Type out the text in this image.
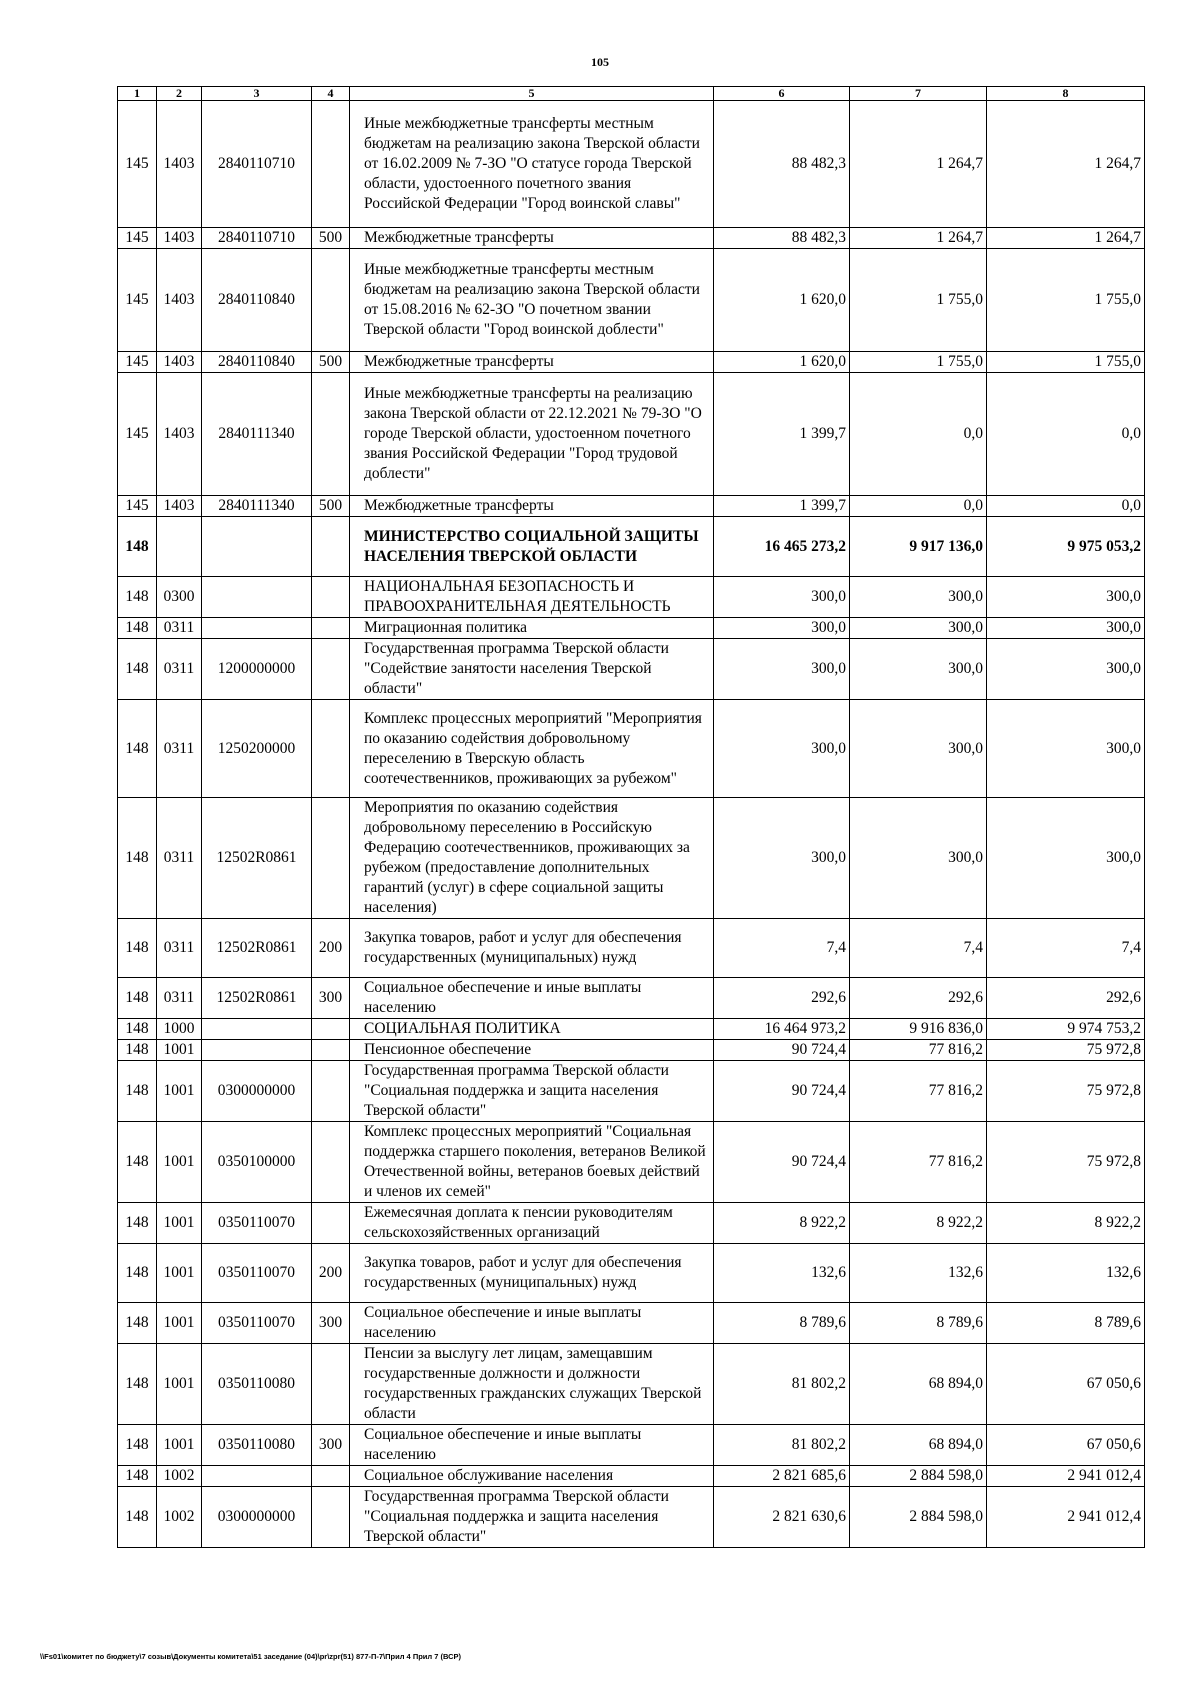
105
1	2	3	4	5	6	7	8
145	1403	2840110710		Иные межбюджетные трансферты местным бюджетам на реализацию закона Тверской области от 16.02.2009 № 7-ЗО "О статусе города Тверской области, удостоенного почетного звания Российской Федерации "Город воинской славы"	88 482,3	1 264,7	1 264,7
145	1403	2840110710	500	Межбюджетные трансферты	88 482,3	1 264,7	1 264,7
145	1403	2840110840		Иные межбюджетные трансферты местным бюджетам на реализацию закона Тверской области от 15.08.2016 № 62-ЗО "О почетном звании Тверской области "Город воинской доблести"	1 620,0	1 755,0	1 755,0
145	1403	2840110840	500	Межбюджетные трансферты	1 620,0	1 755,0	1 755,0
145	1403	2840111340		Иные межбюджетные трансферты на реализацию закона Тверской области от 22.12.2021 № 79-ЗО "О городе Тверской области, удостоенном почетного звания Российской Федерации "Город трудовой доблести"	1 399,7	0,0	0,0
145	1403	2840111340	500	Межбюджетные трансферты	1 399,7	0,0	0,0
148				МИНИСТЕРСТВО СОЦИАЛЬНОЙ ЗАЩИТЫ НАСЕЛЕНИЯ ТВЕРСКОЙ ОБЛАСТИ	16 465 273,2	9 917 136,0	9 975 053,2
148	0300			НАЦИОНАЛЬНАЯ БЕЗОПАСНОСТЬ И ПРАВООХРАНИТЕЛЬНАЯ ДЕЯТЕЛЬНОСТЬ	300,0	300,0	300,0
148	0311			Миграционная политика	300,0	300,0	300,0
148	0311	1200000000		Государственная программа Тверской области "Содействие занятости населения Тверской области"	300,0	300,0	300,0
148	0311	1250200000		Комплекс процессных мероприятий "Мероприятия по оказанию содействия добровольному переселению в Тверскую область соотечественников, проживающих за рубежом"	300,0	300,0	300,0
148	0311	12502R0861		Мероприятия по оказанию содействия добровольному переселению в Российскую Федерацию соотечественников, проживающих за рубежом (предоставление дополнительных гарантий (услуг) в сфере социальной защиты населения)	300,0	300,0	300,0
148	0311	12502R0861	200	Закупка товаров, работ и услуг для обеспечения государственных (муниципальных) нужд	7,4	7,4	7,4
148	0311	12502R0861	300	Социальное обеспечение и иные выплаты населению	292,6	292,6	292,6
148	1000			СОЦИАЛЬНАЯ ПОЛИТИКА	16 464 973,2	9 916 836,0	9 974 753,2
148	1001			Пенсионное обеспечение	90 724,4	77 816,2	75 972,8
148	1001	0300000000		Государственная программа Тверской области "Социальная поддержка и защита населения Тверской области"	90 724,4	77 816,2	75 972,8
148	1001	0350100000		Комплекс процессных мероприятий "Социальная поддержка старшего поколения, ветеранов Великой Отечественной войны, ветеранов боевых действий и членов их семей"	90 724,4	77 816,2	75 972,8
148	1001	0350110070		Ежемесячная доплата к пенсии руководителям сельскохозяйственных организаций	8 922,2	8 922,2	8 922,2
148	1001	0350110070	200	Закупка товаров, работ и услуг для обеспечения государственных (муниципальных) нужд	132,6	132,6	132,6
148	1001	0350110070	300	Социальное обеспечение и иные выплаты населению	8 789,6	8 789,6	8 789,6
148	1001	0350110080		Пенсии за выслугу лет лицам, замещавшим государственные должности и должности государственных гражданских служащих Тверской области	81 802,2	68 894,0	67 050,6
148	1001	0350110080	300	Социальное обеспечение и иные выплаты населению	81 802,2	68 894,0	67 050,6
148	1002			Социальное обслуживание населения	2 821 685,6	2 884 598,0	2 941 012,4
148	1002	0300000000		Государственная программа Тверской области "Социальная поддержка и защита населения Тверской области"	2 821 630,6	2 884 598,0	2 941 012,4
\\Fs01\комитет по бюджету\7 созыв\Документы комитета\51 заседание (04)\pr\zpr(51) 877-П-7\Прил 4 Прил 7 (ВСР)
